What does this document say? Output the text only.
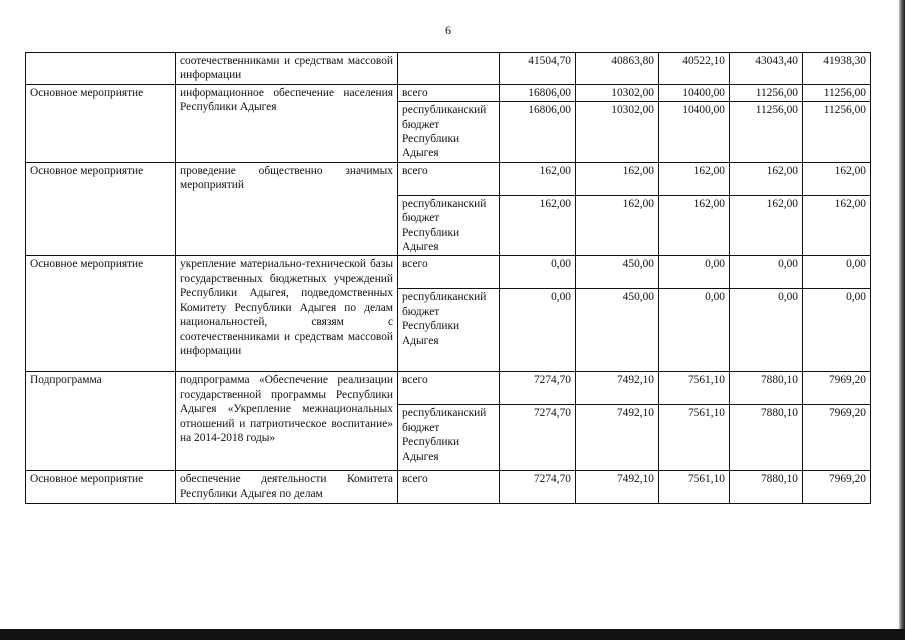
6
	соотечественниками и средствам массовой информации		41504,70	40863,80	40522,10	43043,40	41938,30
Основное мероприятие	информационное обеспечение населения Республики Адыгея	всего	16806,00	10302,00	10400,00	11256,00	11256,00
		республиканский бюджет Республики Адыгея	16806,00	10302,00	10400,00	11256,00	11256,00
Основное мероприятие	проведение общественно значимых мероприятий	всего	162,00	162,00	162,00	162,00	162,00
		республиканский бюджет Республики Адыгея	162,00	162,00	162,00	162,00	162,00
Основное мероприятие	укрепление материально-технической базы государственных бюджетных учреждений Республики Адыгея, подведомственных Комитету Республики Адыгея по делам национальностей, связям с соотечественниками и средствам массовой информации	всего	0,00	450,00	0,00	0,00	0,00
		республиканский бюджет Республики Адыгея	0,00	450,00	0,00	0,00	0,00
Подпрограмма	подпрограмма «Обеспечение реализации государственной программы Республики Адыгея «Укрепление межнациональных отношений и патриотическое воспитание» на 2014-2018 годы»	всего	7274,70	7492,10	7561,10	7880,10	7969,20
		республиканский бюджет Республики Адыгея	7274,70	7492,10	7561,10	7880,10	7969,20
Основное мероприятие	обеспечение деятельности Комитета Республики Адыгея по делам	всего	7274,70	7492,10	7561,10	7880,10	7969,20
